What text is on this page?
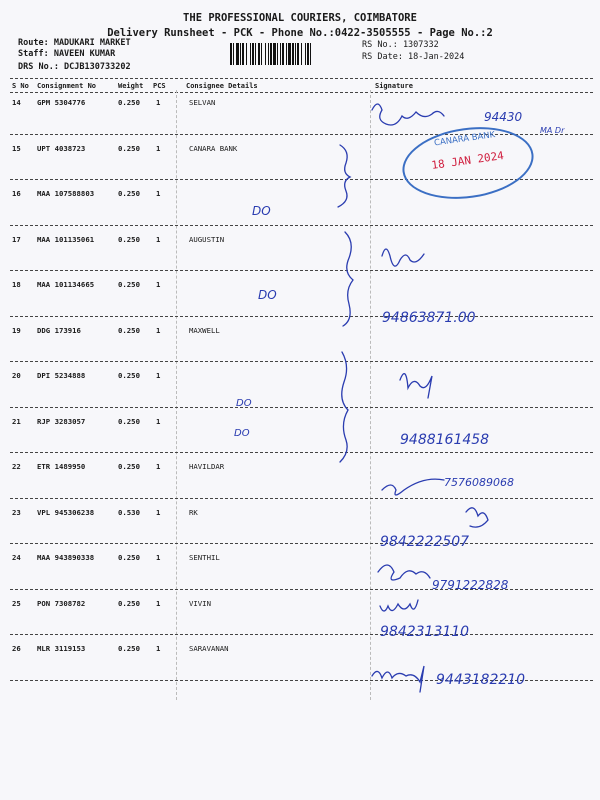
THE PROFESSIONAL COURIERS, COIMBATORE
Delivery Runsheet - PCK - Phone No.:0422-3505555 - Page No.:2
Route: MADUKARI MARKET
Staff: NAVEEN KUMAR
DRS No.: DCJB130733202
RS No.: 1307332
RS Date: 18-Jan-2024
S No Consignment No	Weight PCS	Consignee Details	Signature
14 GPM 5304776	0.250 1	SELVAN
15 UPT 4038723	0.250 1	CANARA BANK
16 MAA 107588803	0.250 1
17 MAA 101135061	0.250 1	AUGUSTIN
18 MAA 101134665	0.250 1
19 DDG 173916	0.250 1	MAXWELL
20 DPI 5234888	0.250 1
21 RJP 3283057	0.250 1
22 ETR 1489950	0.250 1	HAVILDAR
23 VPL 945306238	0.530 1	RK
24 MAA 943890338	0.250 1	SENTHIL
25 PON 7308782	0.250 1	VIVIN
26 MLR 3119153	0.250 1	SARAVANAN
CANARA BANK
18 JAN 2024
94430
MA Dr
DO
DO
94863871.00
DO
DO	9488161458
7576089068
9842222507
9791222828
9842313110
9443182210
